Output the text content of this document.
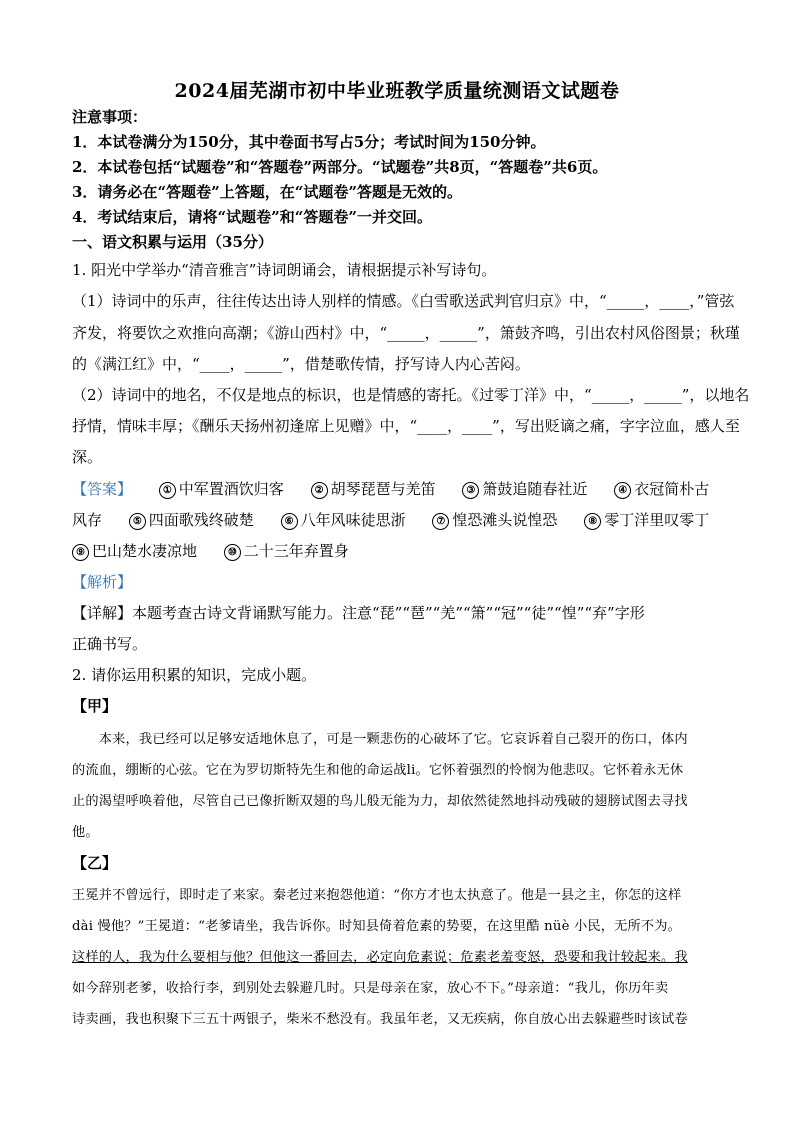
2024届芜湖市初中毕业班教学质量统测语文试题卷
注意事项：
1．本试卷满分为150分，其中卷面书写占5分；考试时间为150分钟。
2．本试卷包括“试题卷”和“答题卷”两部分。“试题卷”共8页，“答题卷”共6页。
3．请务必在“答题卷”上答题，在“试题卷”答题是无效的。
4．考试结束后，请将“试题卷”和“答题卷”一并交回。
一、语文积累与运用（35分）
1. 阳光中学举办“清音雅言”诗词朗诵会，请根据提示补写诗句。
（1）诗词中的乐声，往往传达出诗人别样的情感。《白雪歌送武判官归京》中，“_____，____，”管弦
齐发，将要饮之欢推向高潮；《游山西村》中，“_____，_____”，箫鼓齐鸣，引出农村风俗图景；秋瑾
的《满江红》中，“____，_____”，借楚歌传情，抒写诗人内心苦闷。
（2）诗词中的地名，不仅是地点的标识，也是情感的寄托。《过零丁洋》中，“_____，_____”，以地名
抒情，情味丰厚；《酬乐天扬州初逢席上见赠》中，“____，____”，写出贬谪之痛，字字泣血，感人至
深。
【答案】	① 中军置酒饮归客	② 胡琴琵琶与羌笛	③ 箫鼓追随春社近	④ 衣冠简朴古
风存	⑤ 四面歌残终破楚	⑥ 八年风味徒思浙	⑦ 惶恐滩头说惶恐	⑧ 零丁洋里叹零丁
⑨ 巴山楚水凄凉地	⑩ 二十三年弃置身
【解析】
【详解】本题考查古诗文背诵默写能力。注意“琵”“琶”“羌”“箫”“冠”“徒”“惶”“弃”字形
正确书写。
2. 请你运用积累的知识，完成小题。
【甲】
　　本来，我已经可以足够安适地休息了，可是一颗悲伤的心破坏了它。它哀诉着自己裂开的伤口，体内
的流血，绷断的心弦。它在为罗切斯特先生和他的命运战li。它怀着强烈的怜悯为他悲叹。它怀着永无休
止的渴望呼唤着他，尽管自己已像折断双翅的鸟儿般无能为力，却依然徒然地抖动残破的翅膀试图去寻找
他。
【乙】
王冕并不曾远行，即时走了来家。秦老过来抱怨他道：“你方才也太执意了。他是一县之主，你怎的这样
dài 慢他？”王冕道：“老爹请坐，我告诉你。时知县倚着危素的势要，在这里酷 nüè 小民，无所不为。
这样的人，我为什么要相与他？但他这一番回去，必定向危素说；危素老羞变怒，恐要和我计较起来。我
如今辞别老爹，收拾行李，到别处去躲避几时。只是母亲在家，放心不下。”母亲道：“我儿，你历年卖
诗卖画，我也积聚下三五十两银子，柴米不愁没有。我虽年老，又无疾病，你自放心出去躲避些时该试卷
